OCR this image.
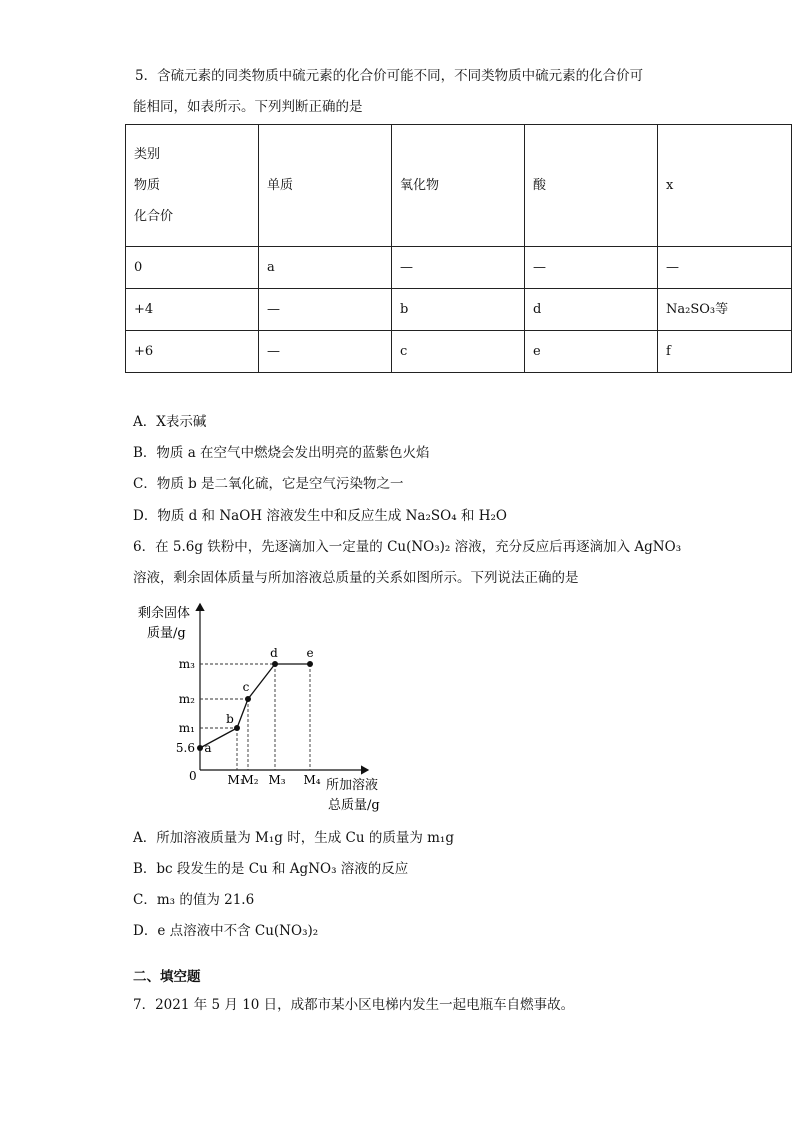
5．含硫元素的同类物质中硫元素的化合价可能不同，不同类物质中硫元素的化合价可
能相同，如表所示。下列判断正确的是
类别
物质
化合价	单质	氧化物	酸	x
0	a	—	—	—
+4	—	b	d	Na₂SO₃等
+6	—	c	e	f
A．X表示碱
B．物质 a 在空气中燃烧会发出明亮的蓝紫色火焰
C．物质 b 是二氧化硫，它是空气污染物之一
D．物质 d 和 NaOH 溶液发生中和反应生成 Na₂SO₄ 和 H₂O
6．在 5.6g 铁粉中，先逐滴加入一定量的 Cu(NO₃)₂ 溶液，充分反应后再逐滴加入 AgNO₃
溶液，剩余固体质量与所加溶液总质量的关系如图所示。下列说法正确的是
剩余固体
质量/g
所加溶液
总质量/g
0
5.6
m₁
m₂
m₃
M₁
M₂ M₃ M₄
a
b
c
d e
A．所加溶液质量为 M₁g 时，生成 Cu 的质量为 m₁g
B．bc 段发生的是 Cu 和 AgNO₃ 溶液的反应
C．m₃ 的值为 21.6
D．e 点溶液中不含 Cu(NO₃)₂
二、填空题
7．2021 年 5 月 10 日，成都市某小区电梯内发生一起电瓶车自燃事故。
